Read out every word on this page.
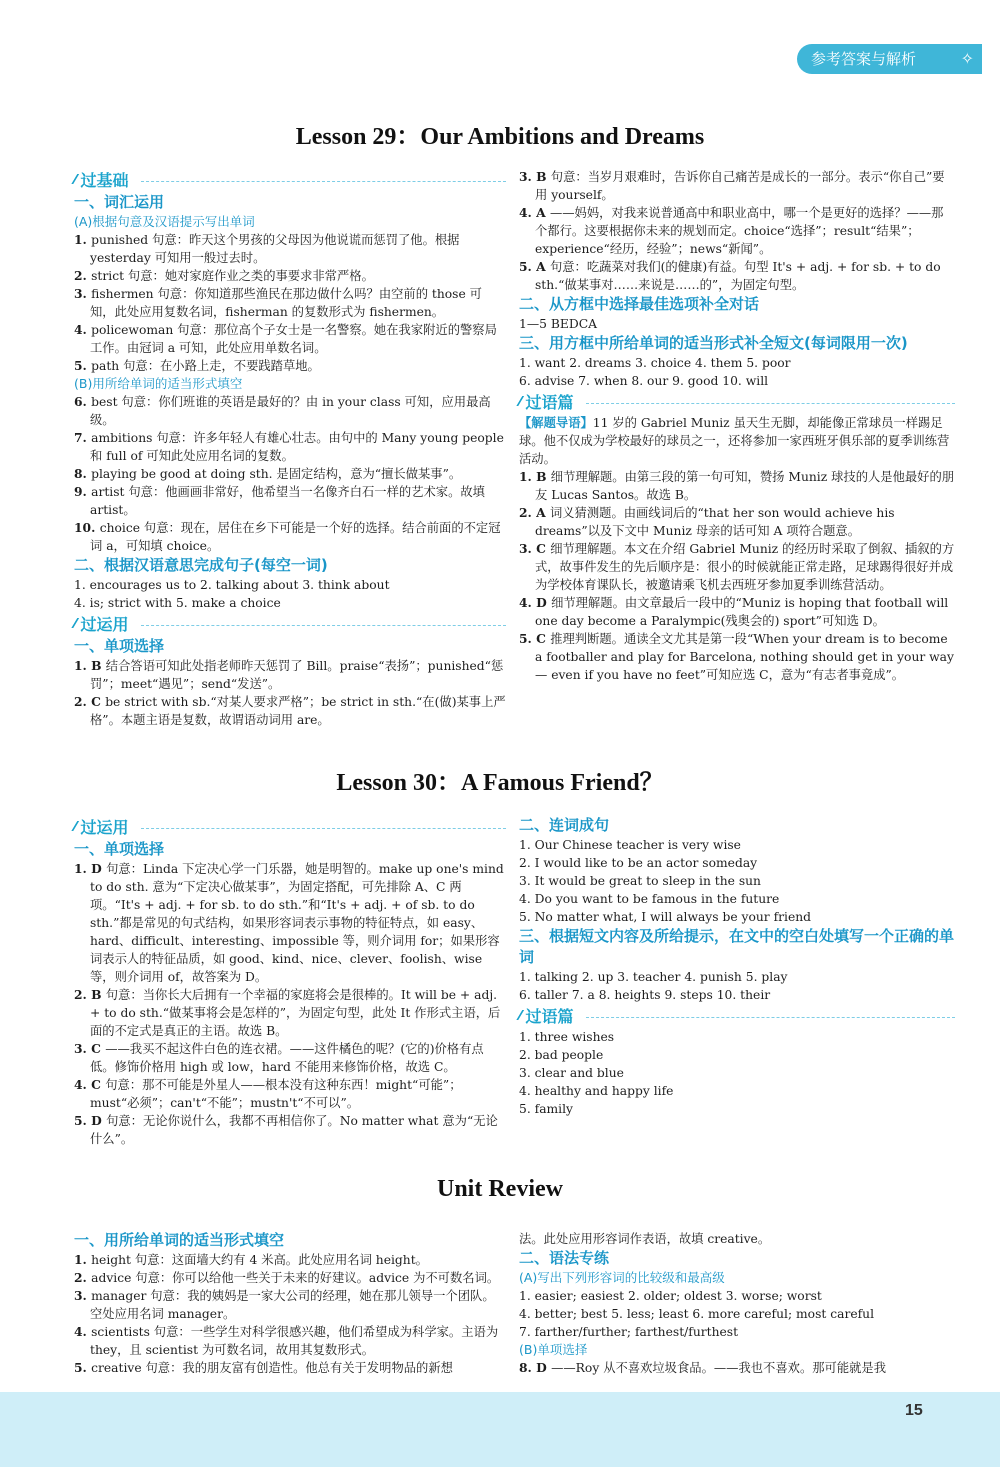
参考答案与解析	✧
Lesson 29：Our Ambitions and Dreams
⁄⁄⁄ 过基础
一、词汇运用
(A)根据句意及汉语提示写出单词
1. punished 句意：昨天这个男孩的父母因为他说谎而惩罚了他。根据 yesterday 可知用一般过去时。
2. strict 句意：她对家庭作业之类的事要求非常严格。
3. fishermen 句意：你知道那些渔民在那边做什么吗？由空前的 those 可知，此处应用复数名词，fisherman 的复数形式为 fishermen。
4. policewoman 句意：那位高个子女士是一名警察。她在我家附近的警察局工作。由冠词 a 可知，此处应用单数名词。
5. path 句意：在小路上走，不要践踏草地。
(B)用所给单词的适当形式填空
6. best 句意：你们班谁的英语是最好的？由 in your class 可知，应用最高级。
7. ambitions 句意：许多年轻人有雄心壮志。由句中的 Many young people 和 full of 可知此处应用名词的复数。
8. playing be good at doing sth. 是固定结构，意为“擅长做某事”。
9. artist 句意：他画画非常好，他希望当一名像齐白石一样的艺术家。故填 artist。
10. choice 句意：现在，居住在乡下可能是一个好的选择。结合前面的不定冠词 a，可知填 choice。
二、根据汉语意思完成句子(每空一词)
1. encourages us to 2. talking about 3. think about
4. is; strict with 5. make a choice
⁄⁄⁄ 过运用
一、单项选择
1. B 结合答语可知此处指老师昨天惩罚了 Bill。praise“表扬”；punished“惩罚”；meet“遇见”；send“发送”。
2. C be strict with sb.“对某人要求严格”；be strict in sth.“在(做)某事上严格”。本题主语是复数，故谓语动词用 are。
3. B 句意：当岁月艰难时，告诉你自己痛苦是成长的一部分。表示“你自己”要用 yourself。
4. A ——妈妈，对我来说普通高中和职业高中，哪一个是更好的选择？——那个都行。这要根据你未来的规划而定。choice“选择”；result“结果”；experience“经历，经验”；news“新闻”。
5. A 句意：吃蔬菜对我们(的健康)有益。句型 It's + adj. + for sb. + to do sth.“做某事对……来说是……的”，为固定句型。
二、从方框中选择最佳选项补全对话
1—5 BEDCA
三、用方框中所给单词的适当形式补全短文(每词限用一次)
1. want 2. dreams 3. choice 4. them 5. poor
6. advise 7. when 8. our 9. good 10. will
⁄⁄⁄ 过语篇
【解题导语】11 岁的 Gabriel Muniz 虽天生无脚，却能像正常球员一样踢足球。他不仅成为学校最好的球员之一，还将参加一家西班牙俱乐部的夏季训练营活动。
1. B 细节理解题。由第三段的第一句可知，赞扬 Muniz 球技的人是他最好的朋友 Lucas Santos。故选 B。
2. A 词义猜测题。由画线词后的“that her son would achieve his dreams”以及下文中 Muniz 母亲的话可知 A 项符合题意。
3. C 细节理解题。本文在介绍 Gabriel Muniz 的经历时采取了倒叙、插叙的方式，故事件发生的先后顺序是：很小的时候就能正常走路，足球踢得很好并成为学校体育课队长，被邀请乘飞机去西班牙参加夏季训练营活动。
4. D 细节理解题。由文章最后一段中的“Muniz is hoping that football will one day become a Paralympic(残奥会的) sport”可知选 D。
5. C 推理判断题。通读全文尤其是第一段“When your dream is to become a footballer and play for Barcelona, nothing should get in your way — even if you have no feet”可知应选 C，意为“有志者事竟成”。
Lesson 30：A Famous Friend？
⁄⁄⁄ 过运用
一、单项选择
1. D 句意：Linda 下定决心学一门乐器，她是明智的。make up one's mind to do sth. 意为“下定决心做某事”，为固定搭配，可先排除 A、C 两项。“It's + adj. + for sb. to do sth.”和“It's + adj. + of sb. to do sth.”都是常见的句式结构，如果形容词表示事物的特征特点，如 easy、hard、difficult、interesting、impossible 等，则介词用 for；如果形容词表示人的特征品质，如 good、kind、nice、clever、foolish、wise 等，则介词用 of，故答案为 D。
2. B 句意：当你长大后拥有一个幸福的家庭将会是很棒的。It will be + adj. + to do sth.“做某事将会是怎样的”，为固定句型，此处 It 作形式主语，后面的不定式是真正的主语。故选 B。
3. C ——我买不起这件白色的连衣裙。——这件橘色的呢？(它的)价格有点低。修饰价格用 high 或 low，hard 不能用来修饰价格，故选 C。
4. C 句意：那不可能是外星人——根本没有这种东西！might“可能”；must“必须”；can't“不能”；mustn't“不可以”。
5. D 句意：无论你说什么，我都不再相信你了。No matter what 意为“无论什么”。
二、连词成句
1. Our Chinese teacher is very wise
2. I would like to be an actor someday
3. It would be great to sleep in the sun
4. Do you want to be famous in the future
5. No matter what, I will always be your friend
三、根据短文内容及所给提示，在文中的空白处填写一个正确的单词
1. talking 2. up 3. teacher 4. punish 5. play
6. taller 7. a 8. heights 9. steps 10. their
⁄⁄⁄ 过语篇
1. three wishes
2. bad people
3. clear and blue
4. healthy and happy life
5. family
Unit Review
一、用所给单词的适当形式填空
1. height 句意：这面墙大约有 4 米高。此处应用名词 height。
2. advice 句意：你可以给他一些关于未来的好建议。advice 为不可数名词。
3. manager 句意：我的姨妈是一家大公司的经理，她在那儿领导一个团队。空处应用名词 manager。
4. scientists 句意：一些学生对科学很感兴趣，他们希望成为科学家。主语为 they，且 scientist 为可数名词，故用其复数形式。
5. creative 句意：我的朋友富有创造性。他总有关于发明物品的新想
法。此处应用形容词作表语，故填 creative。
二、语法专练
(A)写出下列形容词的比较级和最高级
1. easier; easiest 2. older; oldest 3. worse; worst
4. better; best 5. less; least 6. more careful; most careful
7. farther/further; farthest/furthest
(B)单项选择
8. D ——Roy 从不喜欢垃圾食品。——我也不喜欢。那可能就是我
15
